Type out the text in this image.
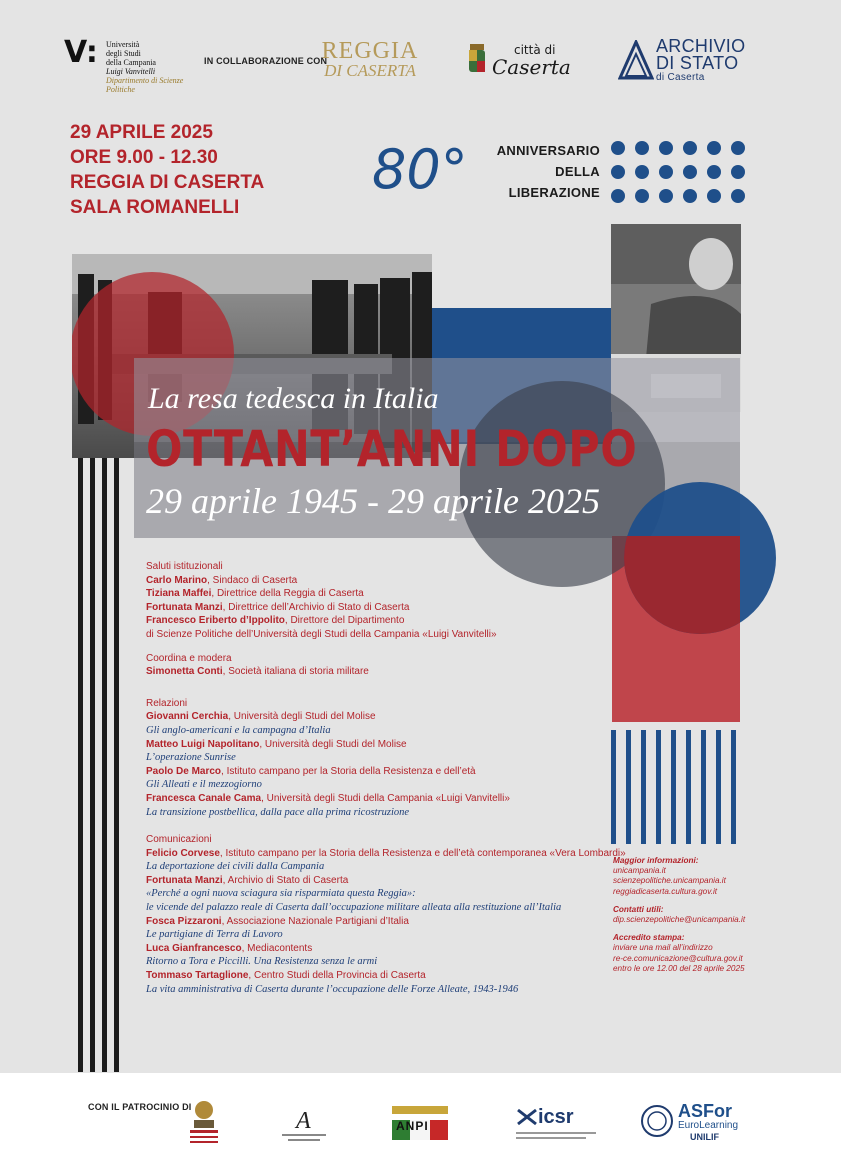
V: Università
degli Studi
della Campania
Luigi Vanvitelli
Dipartimento di Scienze Politiche
IN COLLABORAZIONE CON
REGGIA
DI CASERTA
città di
Caserta
ARCHIVIO
DI STATO
di Caserta
29 APRILE 2025
ORE 9.00 - 12.30
REGGIA DI CASERTA
SALA ROMANELLI
80°	ANNIVERSARIO
DELLA
LIBERAZIONE
La resa tedesca in Italia
OTTANT’ANNI DOPO
29 aprile 1945 - 29 aprile 2025
Saluti istituzionali
Carlo Marino, Sindaco di Caserta
Tiziana Maffei, Direttrice della Reggia di Caserta
Fortunata Manzi, Direttrice dell’Archivio di Stato di Caserta
Francesco Eriberto d’Ippolito, Direttore del Dipartimento
di Scienze Politiche dell’Università degli Studi della Campania «Luigi Vanvitelli»
Coordina e modera
Simonetta Conti, Società italiana di storia militare
Relazioni
Giovanni Cerchia, Università degli Studi del Molise
Gli anglo-americani e la campagna d’Italia
Matteo Luigi Napolitano, Università degli Studi del Molise
L’operazione Sunrise
Paolo De Marco, Istituto campano per la Storia della Resistenza e dell’età
Gli Alleati e il mezzogiorno
Francesca Canale Cama, Università degli Studi della Campania «Luigi Vanvitelli»
La transizione postbellica, dalla pace alla prima ricostruzione
Comunicazioni
Felicio Corvese, Istituto campano per la Storia della Resistenza e dell’età contemporanea «Vera Lombardi»
La deportazione dei civili dalla Campania
Fortunata Manzi, Archivio di Stato di Caserta
«Perché a ogni nuova sciagura sia risparmiata questa Reggia»:
le vicende del palazzo reale di Caserta dall’occupazione militare alleata alla restituzione all’Italia
Fosca Pizzaroni, Associazione Nazionale Partigiani d’Italia
Le partigiane di Terra di Lavoro
Luca Gianfrancesco, Mediacontents
Ritorno a Tora e Piccilli. Una Resistenza senza le armi
Tommaso Tartaglione, Centro Studi della Provincia di Caserta
La vita amministrativa di Caserta durante l’occupazione delle Forze Alleate, 1943-1946
Maggior informazioni:
unicampania.it
scienzepolitiche.unicampania.it
reggiadicaserta.cultura.gov.it
Contatti utili:
dip.scienzepolitiche@unicampania.it
Accredito stampa:
inviare una mail all’indirizzo
re-ce.comunicazione@cultura.gov.it
entro le ore 12.00 del 28 aprile 2025
CON IL PATROCINIO DI
A	ANPI	icsr	ASFor
EuroLearning
UNILIF
